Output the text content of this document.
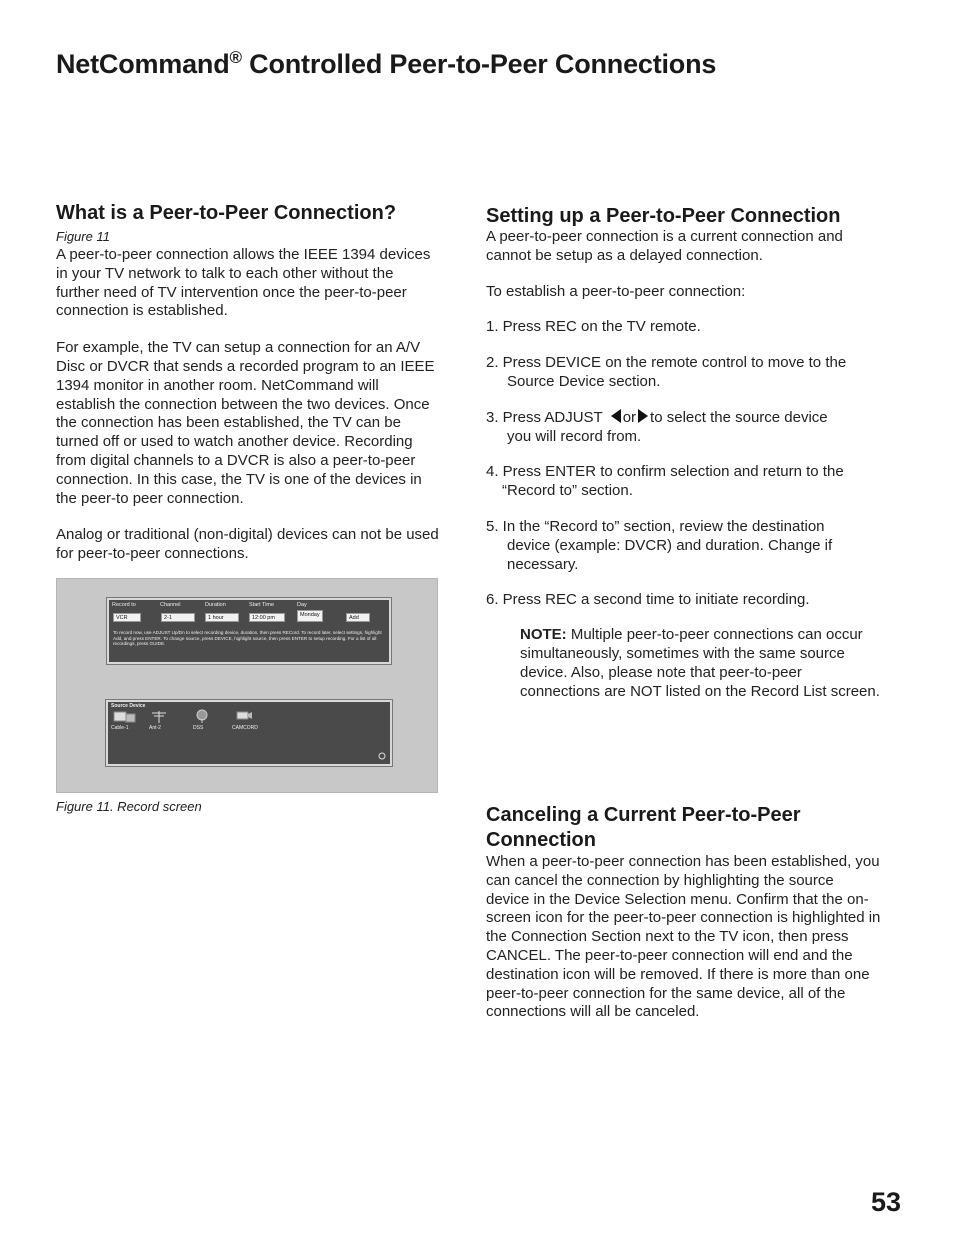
NetCommand® Controlled Peer-to-Peer Connections
What is a Peer-to-Peer Connection?
Figure 11

A peer-to-peer connection allows the IEEE 1394 devices in your TV network to talk to each other without the further need of TV intervention once the peer-to-peer connection is established.

For example, the TV can setup a connection for an A/V Disc or DVCR that sends a recorded program to an IEEE 1394 monitor in another room. NetCommand will establish the connection between the two devices. Once the connection has been established, the TV can be turned off or used to watch another device. Recording from digital channels to a DVCR is also a peer-to-peer connection. In this case, the TV is one of the devices in the peer-to peer connection.

Analog or traditional (non-digital) devices can not be used for peer-to-peer connections.

Record to	Channel	Duration	Start Time	Day
VCR	2-1	1 hour	12:00 pm	Monday	Add
To record now, use ADJUST Up/Dn to select recording device, duration, then press RECord. To record later, select settings, highlight Add, and press ENTER. To change source, press DEVICE, highlight source, then press ENTER to setup recording. For a list of all recordings, press GUIDE.
Source Device
Cable-1	Ant-2	DSS	CAMCORD
Figure 11. Record screen
Setting up a Peer-to-Peer Connection

A peer-to-peer connection is a current connection and cannot be setup as a delayed connection.

To establish a peer-to-peer connection:

1. Press REC on the TV remote.

2. Press DEVICE on the remote control to move to the

Source Device section.

3. Press ADJUST or to select the source device

you will record from.

4. Press ENTER to confirm selection and return to the

“Record to” section.

5. In the “Record to” section, review the destination

device (example: DVCR) and duration. Change if necessary.

6. Press REC a second time to initiate recording.

NOTE: Multiple peer-to-peer connections can occur simultaneously, sometimes with the same source device. Also, please note that peer-to-peer connections are NOT listed on the Record List screen.

Canceling a Current Peer-to-Peer Connection

When a peer-to-peer connection has been established, you can cancel the connection by highlighting the source device in the Device Selection menu. Confirm that the on-screen icon for the peer-to-peer connection is highlighted in the Connection Section next to the TV icon, then press CANCEL. The peer-to-peer connection will end and the destination icon will be removed. If there is more than one peer-to-peer connection for the same device, all of the connections will all be canceled.

53
